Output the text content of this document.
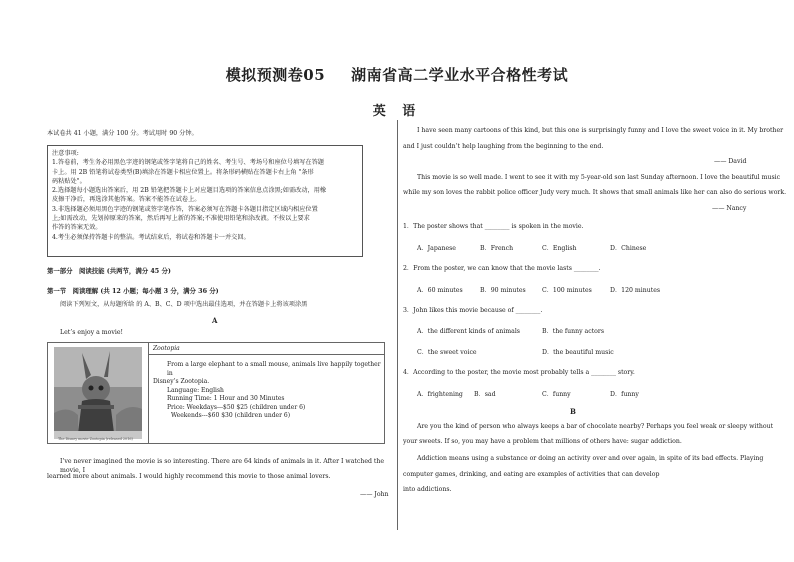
模拟预测卷05 湖南省高二学业水平合格性考试
英 语
本试卷共 41 小题，满分 100 分。考试用时 90 分钟。
注意事项:
1.答卷前，考生务必用黑色字迹的钢笔或签字笔将自己的姓名、考生号、考场号和座位号填写在答题
卡上。用 2B 铅笔将试卷类型(B)填涂在答题卡相应位置上。将条形码横贴在答题卡右上角 "条形
码粘贴处"。
2.选择题每小题选出答案后，用 2B 铅笔把答题卡上对应题目选项的答案信息点涂黑;如需改动，用橡
皮擦干净后，再选涂其他答案。答案不能答在试卷上。
3.非选择题必须用黑色字迹的钢笔或签字笔作答，答案必须写在答题卡各题目指定区域内相应位置
上;如需改动，先划掉原来的答案，然后再写上新的答案;不准使用铅笔和涂改液。不按以上要求
作答的答案无效。
4.考生必须保持答题卡的整洁。考试结束后，将试卷和答题卡一并交回。
第一部分　阅读技能 (共两节，满分 45 分)
第一节　阅读理解 (共 12 小题；每小题 3 分，满分 36 分)
阅读下列短文，从每题所给 的 A、B、C、D 项中选出最佳选项，并在答题卡上将该项涂黑
A
Let’s enjoy a movie!
The Disney movie Zootopia (released 2016)

Zootopia

From a large elephant to a small mouse, animals live happily together in
Disney’s Zootopia.
Language: English
Running Time: 1 Hour and 30 Minutes
Price: Weekdays---$50 $25 (children under 6)
Weekends---$60 $30 (children under 6)
I’ve never imagined the movie is so interesting. There are 64 kinds of animals in it. After I watched the movie, I
learned more about animals. I would highly recommend this movie to those animal lovers.
—— John
I have seen many cartoons of this kind, but this one is surprisingly funny and I love the sweet voice in it. My brother
and I just couldn’t help laughing from the beginning to the end.
—— David
This movie is so well made. I went to see it with my 5-year-old son last Sunday afternoon. I love the beautiful music
while my son loves the rabbit police officer Judy very much. It shows that small animals like her can also do serious work.
—— Nancy
1．The poster shows that ________ is spoken in the movie.
A．Japanese	B．French	C．English	D．Chinese
2．From the poster, we can know that the movie lasts ________.
A．60 minutes	B．90 minutes	C．100 minutes	D．120 minutes
3．John likes this movie because of ________.
A．the different kinds of animals	B．the funny actors
C．the sweet voice	D．the beautiful music
4．According to the poster, the movie most probably tells a ________ story.
A．frightening B．sad	C．funny	D．funny
B
Are you the kind of person who always keeps a bar of chocolate nearby? Perhaps you feel weak or sleepy without
your sweets. If so, you may have a problem that millions of others have: sugar addiction.
Addiction means using a substance or doing an activity over and over again, in spite of its bad effects. Playing
computer games, drinking, and eating are examples of activities that can develop
into addictions.
